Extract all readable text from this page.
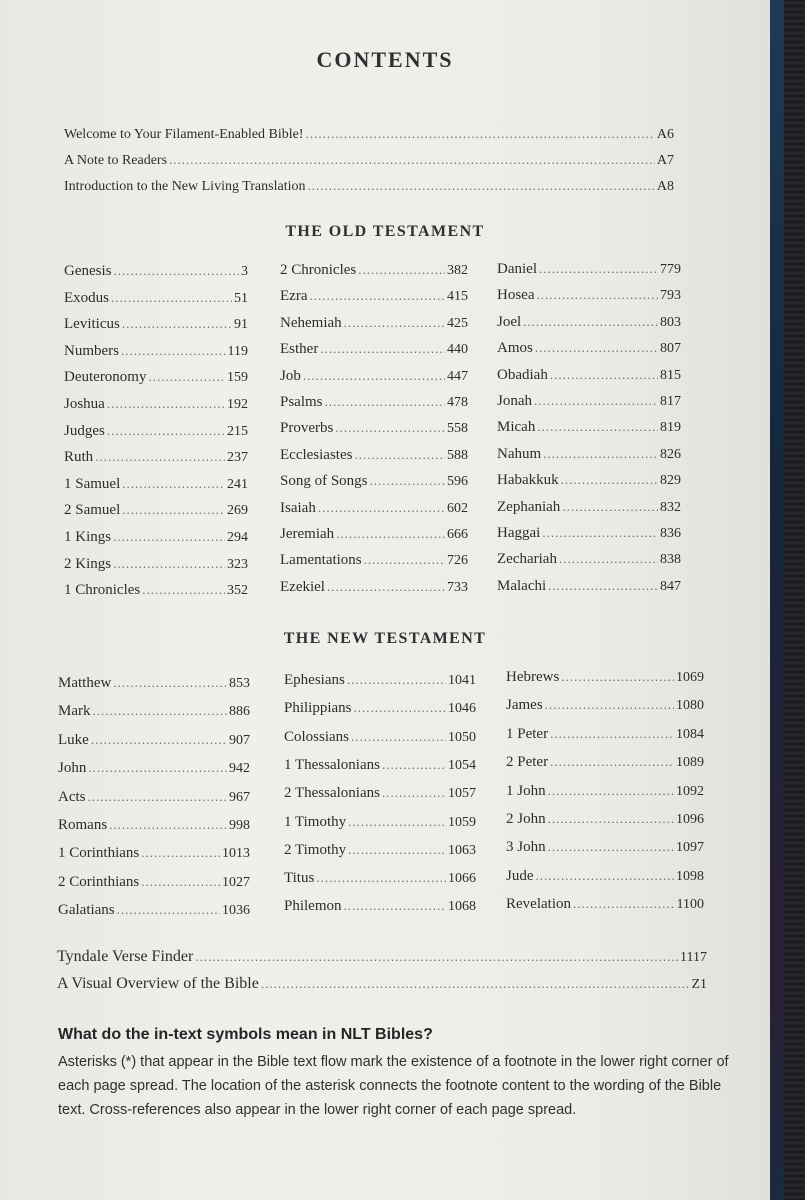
CONTENTS
Welcome to Your Filament-Enabled Bible! .....	A6
A Note to Readers .....	A7
Introduction to the New Living Translation .....	A8
THE OLD TESTAMENT
Genesis .....	3
Exodus .....	51
Leviticus .....	91
Numbers .....	119
Deuteronomy .....	159
Joshua .....	192
Judges .....	215
Ruth .....	237
1 Samuel .....	241
2 Samuel .....	269
1 Kings .....	294
2 Kings .....	323
1 Chronicles .....	352
2 Chronicles .....	382
Ezra .....	415
Nehemiah .....	425
Esther .....	440
Job .....	447
Psalms .....	478
Proverbs .....	558
Ecclesiastes .....	588
Song of Songs .....	596
Isaiah .....	602
Jeremiah .....	666
Lamentations .....	726
Ezekiel .....	733
Daniel .....	779
Hosea .....	793
Joel .....	803
Amos .....	807
Obadiah .....	815
Jonah .....	817
Micah .....	819
Nahum .....	826
Habakkuk .....	829
Zephaniah .....	832
Haggai .....	836
Zechariah .....	838
Malachi .....	847
THE NEW TESTAMENT
Matthew .....	853
Mark .....	886
Luke .....	907
John .....	942
Acts .....	967
Romans .....	998
1 Corinthians .....	1013
2 Corinthians .....	1027
Galatians .....	1036
Ephesians .....	1041
Philippians .....	1046
Colossians .....	1050
1 Thessalonians .....	1054
2 Thessalonians .....	1057
1 Timothy .....	1059
2 Timothy .....	1063
Titus .....	1066
Philemon .....	1068
Hebrews .....	1069
James .....	1080
1 Peter .....	1084
2 Peter .....	1089
1 John .....	1092
2 John .....	1096
3 John .....	1097
Jude .....	1098
Revelation .....	1100
Tyndale Verse Finder .....	1117
A Visual Overview of the Bible .....	Z1
What do the in-text symbols mean in NLT Bibles?
Asterisks (*) that appear in the Bible text flow mark the existence of a footnote in the lower right corner of each page spread. The location of the asterisk connects the footnote content to the wording of the Bible text. Cross-references also appear in the lower right corner of each page spread.
